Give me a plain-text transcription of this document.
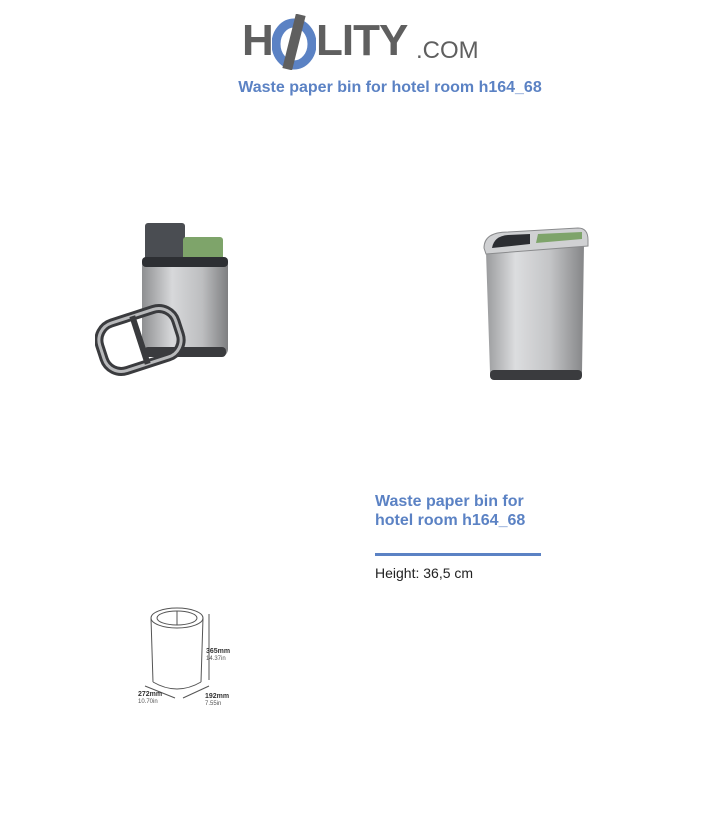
H LITY .COM
Waste paper bin for hotel room h164_68
365mm
14.37in
272mm
10.70in
192mm
7.55in
Waste paper bin for hotel room h164_68
Height: 36,5 cm
